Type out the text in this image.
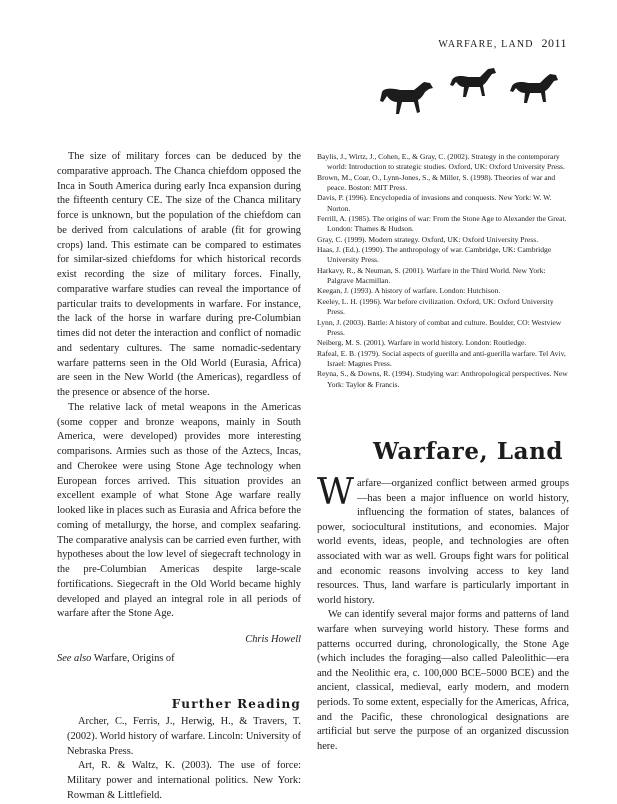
WARFARE, LAND 2011

The size of military forces can be deduced by the comparative approach. The Chanca chiefdom opposed the Inca in South America during early Inca expansion during the fifteenth century CE. The size of the Chanca military force is unknown, but the population of the chiefdom can be derived from calculations of arable (fit for growing crops) land. This estimate can be compared to estimates for similar-sized chiefdoms for which historical records exist recording the size of military forces. Finally, comparative warfare studies can reveal the importance of particular traits to developments in warfare. For instance, the lack of the horse in warfare during pre-Columbian times did not deter the interaction and conflict of nomadic and sedentary cultures. The same nomadic-sedentary warfare patterns seen in the Old World (Eurasia, Africa) are seen in the New World (the Americas), regardless of the presence or absence of the horse.

The relative lack of metal weapons in the Americas (some copper and bronze weapons, mainly in South America, were developed) provides more interesting comparisons. Armies such as those of the Aztecs, Incas, and Cherokee were using Stone Age technology when European forces arrived. This situation provides an excellent example of what Stone Age warfare really looked like in places such as Eurasia and Africa before the coming of metallurgy, the horse, and complex seafaring. The comparative analysis can be carried even further, with hypotheses about the low level of siegecraft technology in the pre-Columbian Americas despite large-scale fortifications. Siegecraft in the Old World became highly developed and played an integral role in all periods of warfare after the Stone Age.

Chris Howell
See also Warfare, Origins of
Further Reading

Archer, C., Ferris, J., Herwig, H., & Travers, T. (2002). World history of warfare. Lincoln: University of Nebraska Press.

Art, R. & Waltz, K. (2003). The use of force: Military power and international politics. New York: Rowman & Littlefield.

Baylis, J., Wirtz, J., Cohen, E., & Gray, C. (2002). Strategy in the contemporary world: Introduction to strategic studies. Oxford, UK: Oxford University Press.

Brown, M., Coar, O., Lynn-Jones, S., & Miller, S. (1998). Theories of war and peace. Boston: MIT Press.

Davis, P. (1996). Encyclopedia of invasions and conquests. New York: W. W. Norton.

Ferrill, A. (1985). The origins of war: From the Stone Age to Alexander the Great. London: Thames & Hudson.

Gray, C. (1999). Modern strategy. Oxford, UK: Oxford University Press.

Haas, J. (Ed.). (1990). The anthropology of war. Cambridge, UK: Cambridge University Press.

Harkavy, R., & Neuman, S. (2001). Warfare in the Third World. New York: Palgrave Macmillan.

Keegan, J. (1993). A history of warfare. London: Hutchison.

Keeley, L. H. (1996). War before civilization. Oxford, UK: Oxford University Press.

Lynn, J. (2003). Battle: A history of combat and culture. Boulder, CO: Westview Press.

Neiberg, M. S. (2001). Warfare in world history. London: Routledge.

Rafeal, E. B. (1979). Social aspects of guerilla and anti-guerilla warfare. Tel Aviv, Israel: Magnes Press.

Reyna, S., & Downs, R. (1994). Studying war: Anthropological perspectives. New York: Taylor & Francis.

Warfare, Land

Warfare—organized conflict between armed groups—has been a major influence on world history, influencing the formation of states, balances of power, sociocultural institutions, and economies. Major world events, ideas, people, and technologies are often associated with war as well. Groups fight wars for political and economic reasons involving access to key land resources. Thus, land warfare is particularly important in world history.

We can identify several major forms and patterns of land warfare when surveying world history. These forms and patterns occurred during, chronologically, the Stone Age (which includes the foraging—also called Paleolithic—era and the Neolithic era, c. 100,000 BCE–5000 BCE) and the ancient, classical, medieval, early modern, and modern periods. To some extent, especially for the Americas, Africa, and the Pacific, these chronological designations are artificial but serve the purpose of an organized discussion here.
